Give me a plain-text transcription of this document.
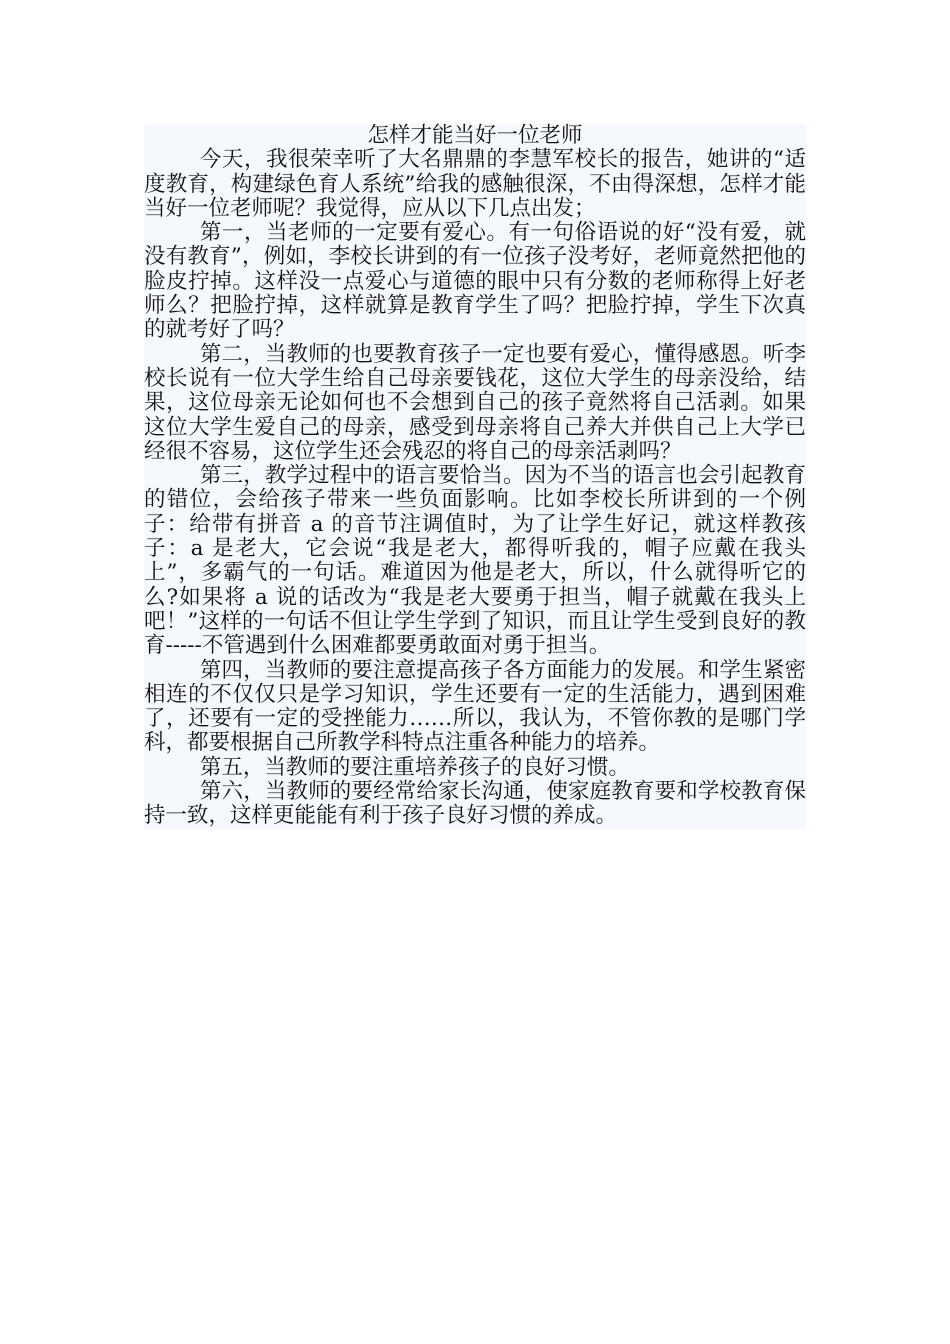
怎样才能当好一位老师

今天，我很荣幸听了大名鼎鼎的李慧军校长的报告，她讲的“适度教育，构建绿色育人系统”给我的感触很深，不由得深想，怎样才能当好一位老师呢？我觉得，应从以下几点出发；

第一，当老师的一定要有爱心。有一句俗语说的好“没有爱，就没有教育”，例如，李校长讲到的有一位孩子没考好，老师竟然把他的脸皮拧掉。这样没一点爱心与道德的眼中只有分数的老师称得上好老师么？把脸拧掉，这样就算是教育学生了吗？把脸拧掉，学生下次真的就考好了吗？

第二，当教师的也要教育孩子一定也要有爱心，懂得感恩。听李校长说有一位大学生给自己母亲要钱花，这位大学生的母亲没给，结果，这位母亲无论如何也不会想到自己的孩子竟然将自己活剥。如果这位大学生爱自己的母亲，感受到母亲将自己养大并供自己上大学已经很不容易，这位学生还会残忍的将自己的母亲活剥吗？

第三，教学过程中的语言要恰当。因为不当的语言也会引起教育的错位，会给孩子带来一些负面影响。比如李校长所讲到的一个例子：给带有拼音 a 的音节注调值时，为了让学生好记，就这样教孩子：a 是老大，它会说“我是老大，都得听我的，帽子应戴在我头上”，多霸气的一句话。难道因为他是老大，所以，什么就得听它的么?如果将 a 说的话改为“我是老大要勇于担当，帽子就戴在我头上吧！”这样的一句话不但让学生学到了知识，而且让学生受到良好的教育-----不管遇到什么困难都要勇敢面对勇于担当。

第四，当教师的要注意提高孩子各方面能力的发展。和学生紧密相连的不仅仅只是学习知识，学生还要有一定的生活能力，遇到困难了，还要有一定的受挫能力……所以，我认为，不管你教的是哪门学科，都要根据自己所教学科特点注重各种能力的培养。

第五，当教师的要注重培养孩子的良好习惯。

第六，当教师的要经常给家长沟通，使家庭教育要和学校教育保持一致，这样更能能有利于孩子良好习惯的养成。
